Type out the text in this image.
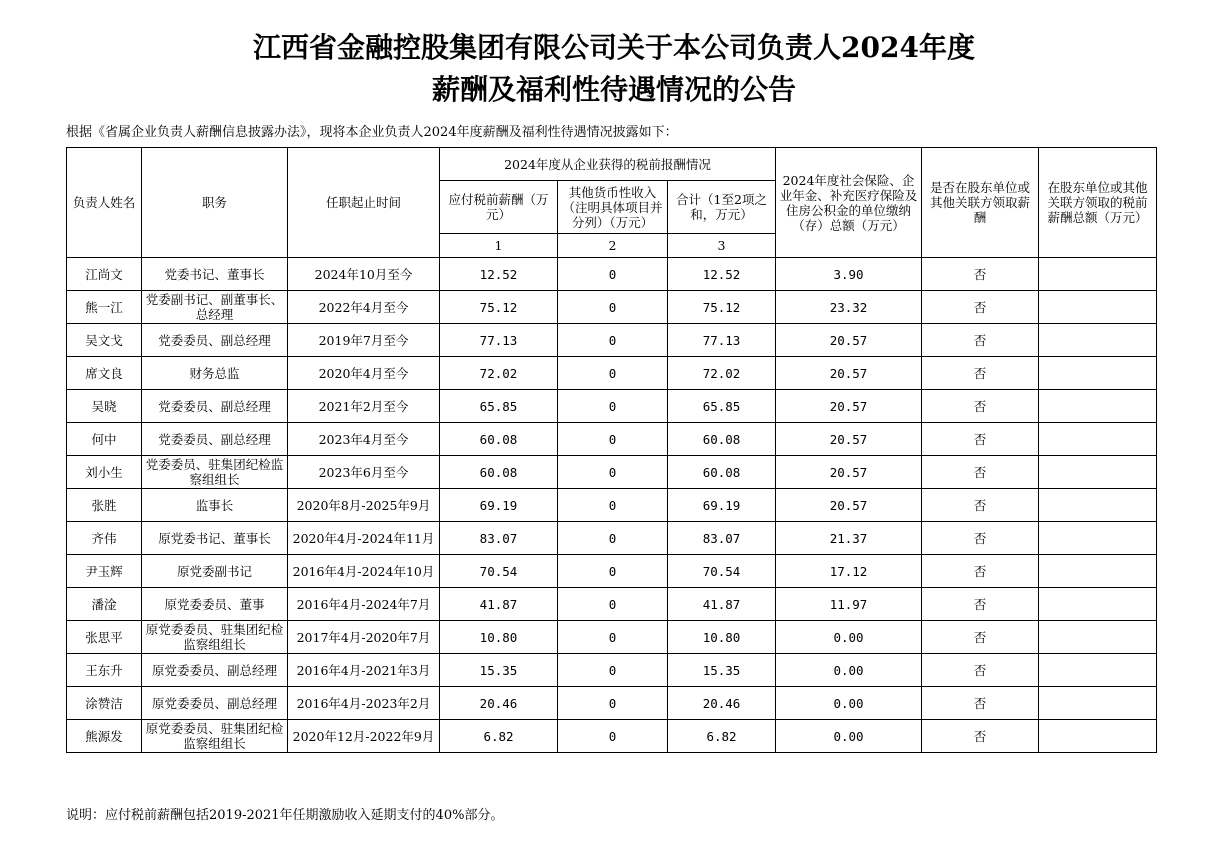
江西省金融控股集团有限公司关于本公司负责人2024年度
薪酬及福利性待遇情况的公告
根据《省属企业负责人薪酬信息披露办法》，现将本企业负责人2024年度薪酬及福利性待遇情况披露如下：
负责人姓名	职务	任职起止时间	2024年度从企业获得的税前报酬情况			2024年度社会保险、企业年金、补充医疗保险及住房公积金的单位缴纳（存）总额（万元）	是否在股东单位或其他关联方领取薪酬	在股东单位或其他关联方领取的税前薪酬总额（万元）
			应付税前薪酬（万元）	其他货币性收入（注明具体项目并分列）（万元）	合计（1至2项之和，万元）			
			1	2	3			
江尚文	党委书记、董事长	2024年10月至今	12.52	0	12.52	3.90	否	
熊一江	党委副书记、副董事长、总经理	2022年4月至今	75.12	0	75.12	23.32	否	
吴文戈	党委委员、副总经理	2019年7月至今	77.13	0	77.13	20.57	否	
席文良	财务总监	2020年4月至今	72.02	0	72.02	20.57	否	
吴晓	党委委员、副总经理	2021年2月至今	65.85	0	65.85	20.57	否	
何中	党委委员、副总经理	2023年4月至今	60.08	0	60.08	20.57	否	
刘小生	党委委员、驻集团纪检监察组组长	2023年6月至今	60.08	0	60.08	20.57	否	
张胜	监事长	2020年8月-2025年9月	69.19	0	69.19	20.57	否	
齐伟	原党委书记、董事长	2020年4月-2024年11月	83.07	0	83.07	21.37	否	
尹玉辉	原党委副书记	2016年4月-2024年10月	70.54	0	70.54	17.12	否	
潘淦	原党委委员、董事	2016年4月-2024年7月	41.87	0	41.87	11.97	否	
张思平	原党委委员、驻集团纪检监察组组长	2017年4月-2020年7月	10.80	0	10.80	0.00	否	
王东升	原党委委员、副总经理	2016年4月-2021年3月	15.35	0	15.35	0.00	否	
涂赞洁	原党委委员、副总经理	2016年4月-2023年2月	20.46	0	20.46	0.00	否	
熊源发	原党委委员、驻集团纪检监察组组长	2020年12月-2022年9月	6.82	0	6.82	0.00	否	
说明：应付税前薪酬包括2019-2021年任期激励收入延期支付的40%部分。
